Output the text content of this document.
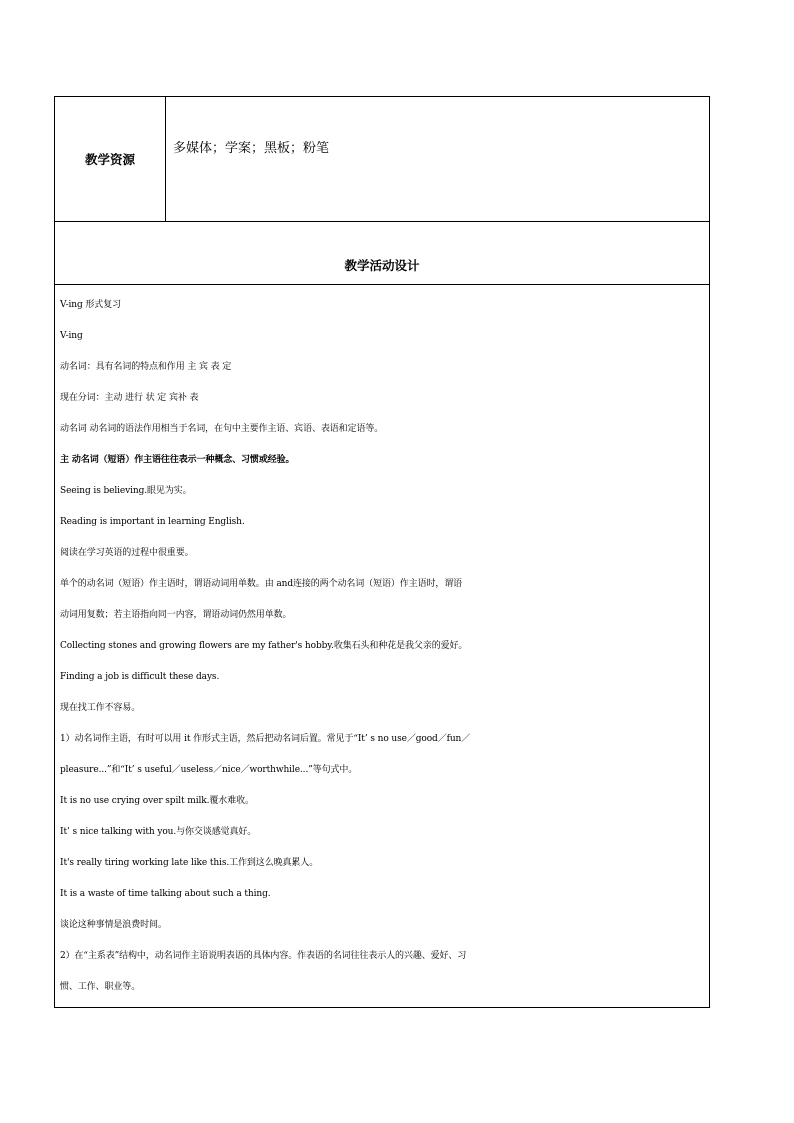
教学资源
多媒体；学案；黑板；粉笔
教学活动设计
V-ing 形式复习
V-ing
动名词：具有名词的特点和作用 主 宾 表 定
现在分词：主动 进行 状 定 宾补 表
动名词 动名词的语法作用相当于名词，在句中主要作主语、宾语、表语和定语等。
主 动名词（短语）作主语往往表示一种概念、习惯或经验。
Seeing is believing.眼见为实。
Reading is important in learning English.
阅读在学习英语的过程中很重要。
单个的动名词（短语）作主语时，谓语动词用单数。由 and连接的两个动名词（短语）作主语时，谓语
动词用复数；若主语指向同一内容，谓语动词仍然用单数。
Collecting stones and growing flowers are my father's hobby.收集石头和种花是我父亲的爱好。
Finding a job is difficult these days.
现在找工作不容易。
1）动名词作主语，有时可以用 it 作形式主语，然后把动名词后置。常见于“It’ s no use／good／fun／
pleasure...”和“It’ s useful／useless／nice／worthwhile...”等句式中。
It is no use crying over spilt milk.覆水难收。
It’ s nice talking with you.与你交谈感觉真好。
It's really tiring working late like this.工作到这么晚真累人。
It is a waste of time talking about such a thing.
谈论这种事情是浪费时间。
2）在“主系表”结构中，动名词作主语说明表语的具体内容。作表语的名词往往表示人的兴趣、爱好、习
惯、工作、职业等。
